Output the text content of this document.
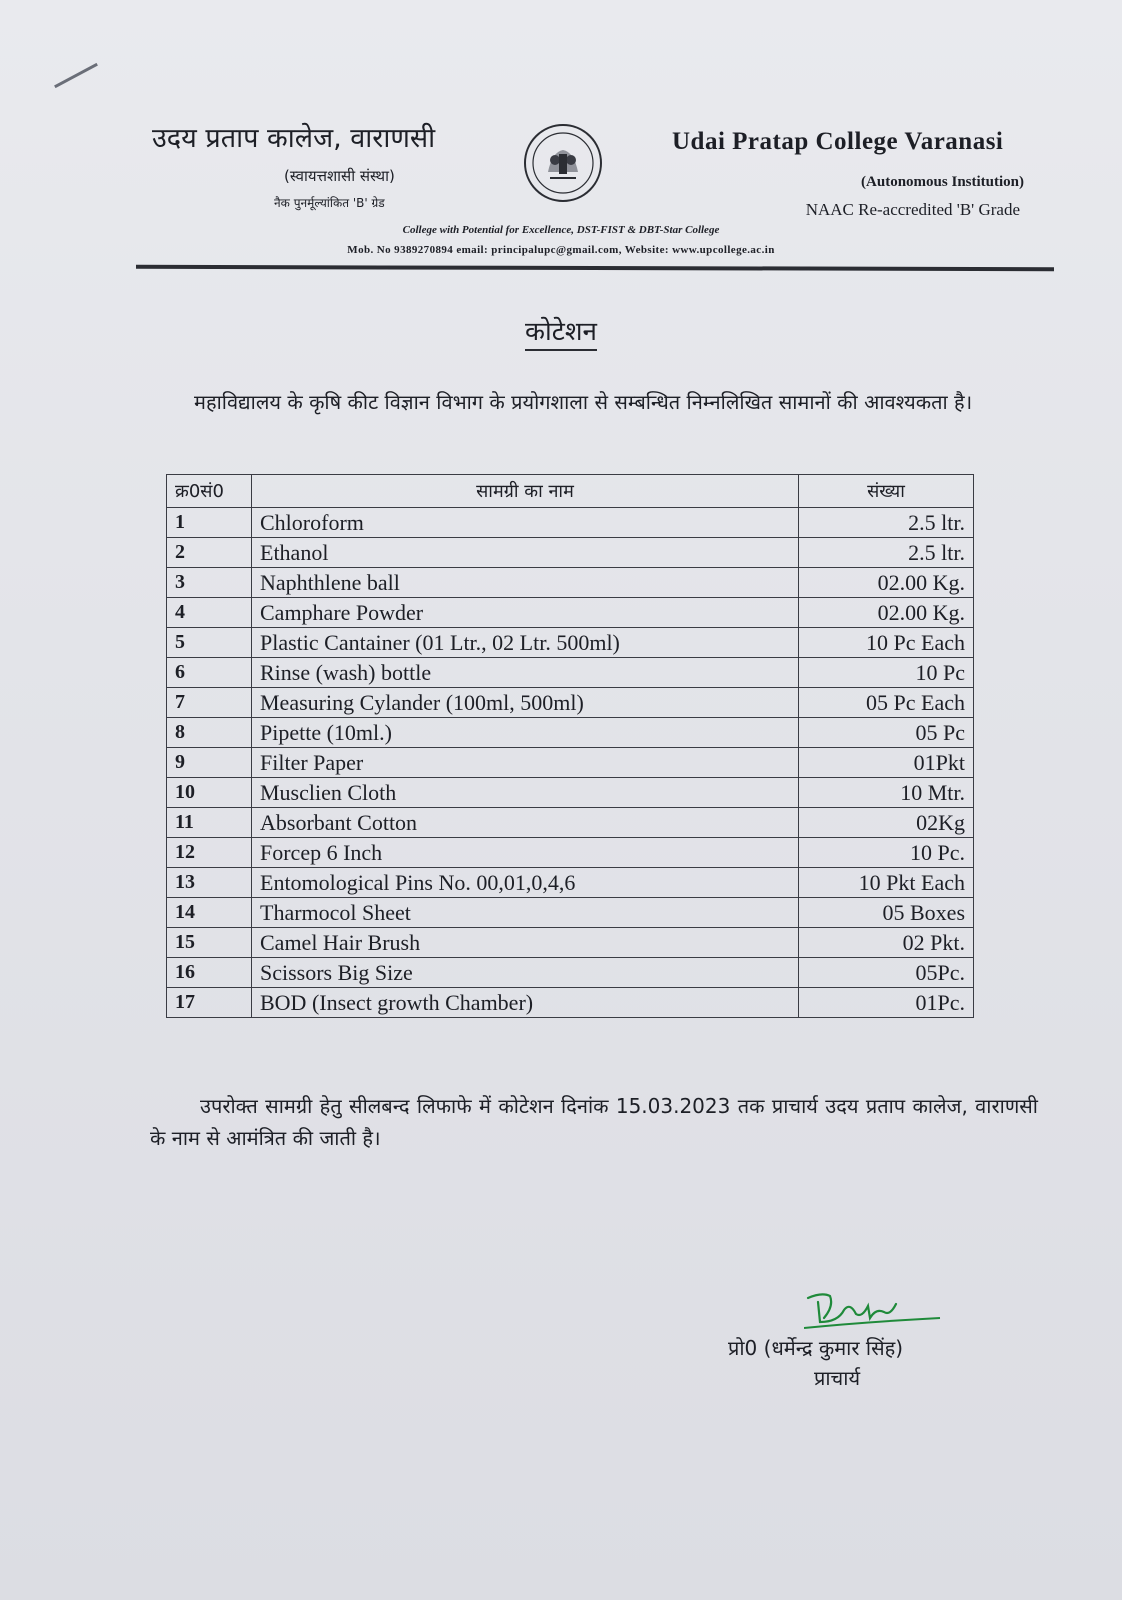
उदय प्रताप कालेज, वाराणसी
(स्वायत्तशासी संस्था)
नैक पुनर्मूल्यांकित 'B' ग्रेड
Udai Pratap College Varanasi
(Autonomous Institution)
NAAC Re-accredited 'B' Grade
College with Potential for Excellence, DST-FIST & DBT-Star College
Mob. No 9389270894 email: principalupc@gmail.com, Website: www.upcollege.ac.in
कोटेशन
महाविद्यालय के कृषि कीट विज्ञान विभाग के प्रयोगशाला से सम्बन्धित निम्नलिखित सामानों की आवश्यकता है।
क्र0सं0	सामग्री का नाम	संख्या
1	Chloroform	2.5 ltr.
2	Ethanol	2.5 ltr.
3	Naphthlene ball	02.00 Kg.
4	Camphare Powder	02.00 Kg.
5	Plastic Cantainer (01 Ltr., 02 Ltr. 500ml)	10 Pc Each
6	Rinse (wash) bottle	10 Pc
7	Measuring Cylander (100ml, 500ml)	05 Pc Each
8	Pipette (10ml.)	05 Pc
9	Filter Paper	01Pkt
10	Musclien Cloth	10 Mtr.
11	Absorbant Cotton	02Kg
12	Forcep 6 Inch	10 Pc.
13	Entomological Pins No. 00,01,0,4,6	10 Pkt Each
14	Tharmocol Sheet	05 Boxes
15	Camel Hair Brush	02 Pkt.
16	Scissors Big Size	05Pc.
17	BOD (Insect growth Chamber)	01Pc.
उपरोक्त सामग्री हेतु सीलबन्द लिफाफे में कोटेशन दिनांक 15.03.2023 तक प्राचार्य उदय प्रताप कालेज, वाराणसी के नाम से आमंत्रित की जाती है।
प्रो0 (धर्मेन्द्र कुमार सिंह)
प्राचार्य
